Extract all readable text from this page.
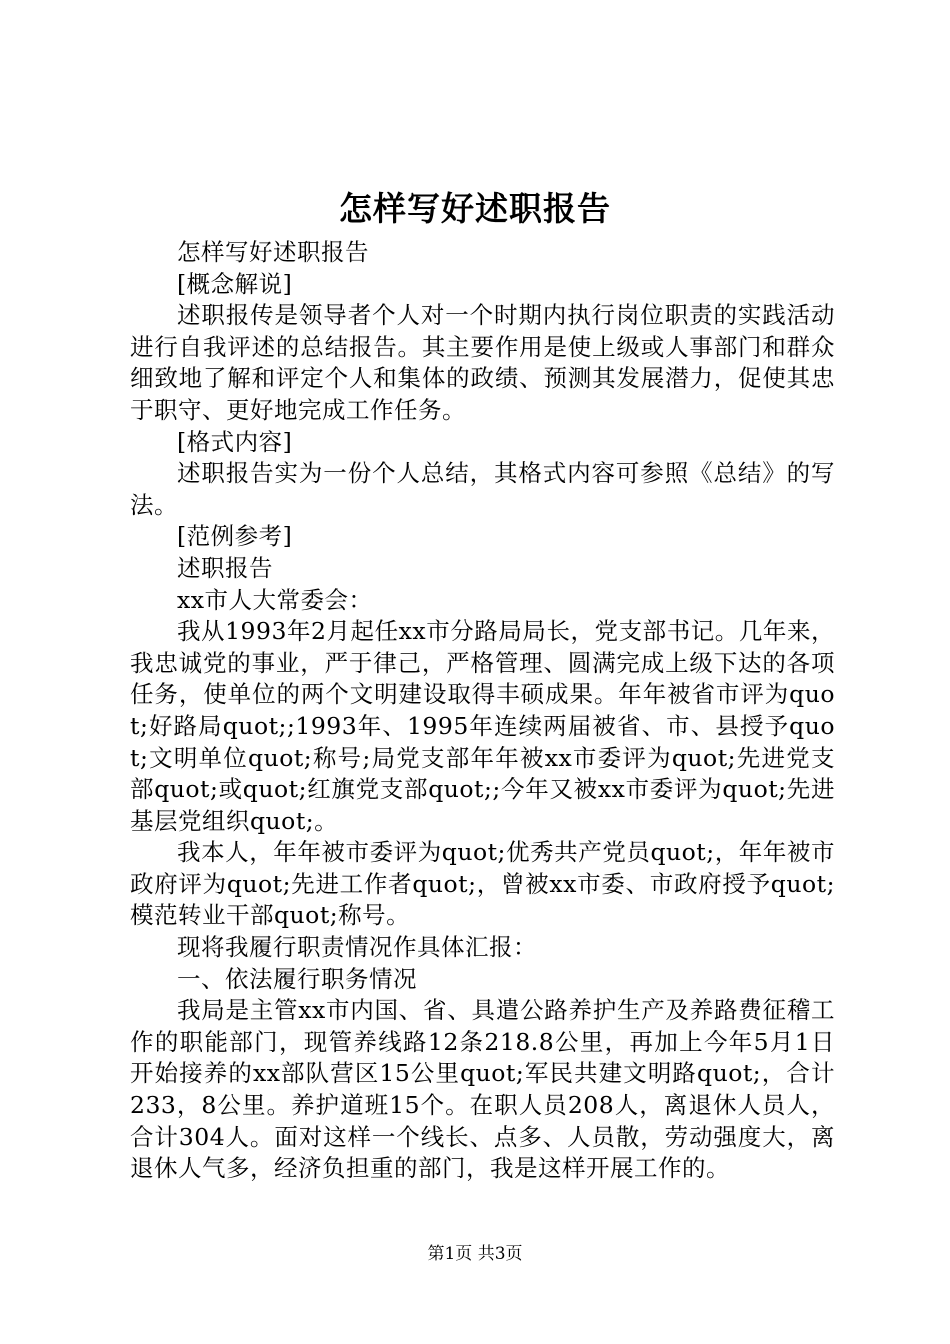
怎样写好述职报告

怎样写好述职报告

[概念解说]

述职报传是领导者个人对一个时期内执行岗位职责的实践活动进行自我评述的总结报告。其主要作用是使上级或人事部门和群众细致地了解和评定个人和集体的政绩、预测其发展潜力，促使其忠于职守、更好地完成工作任务。

[格式内容]

述职报告实为一份个人总结，其格式内容可参照《总结》的写法。

[范例参考]

述职报告

xx市人大常委会：

我从1993年2月起任xx市分路局局长，党支部书记。几年来，我忠诚党的事业，严于律己，严格管理、圆满完成上级下达的各项任务，使单位的两个文明建设取得丰硕成果。年年被省市评为quot;好路局quot;;1993年、1995年连续两届被省、市、县授予quot;文明单位quot;称号;局党支部年年被xx市委评为quot;先进党支部quot;或quot;红旗党支部quot;;今年又被xx市委评为quot;先进基层党组织quot;。

我本人，年年被市委评为quot;优秀共产党员quot;，年年被市政府评为quot;先进工作者quot;，曾被xx市委、市政府授予quot;模范转业干部quot;称号。

现将我履行职责情况作具体汇报：

一、依法履行职务情况

我局是主管xx市内国、省、具遣公路养护生产及养路费征稽工作的职能部门，现管养线路12条218.8公里，再加上今年5月1日开始接养的xx部队营区15公里quot;军民共建文明路quot;，合计233，8公里。养护道班15个。在职人员208人，离退休人员人，合计304人。面对这样一个线长、点多、人员散，劳动强度大，离退休人气多，经济负担重的部门，我是这样开展工作的。

第1页 共3页
